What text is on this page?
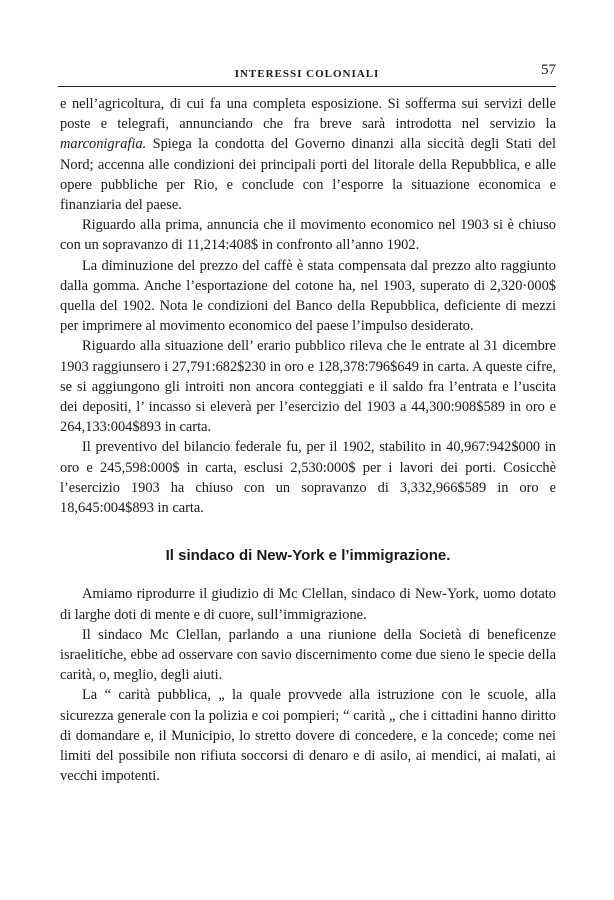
INTERESSI COLONIALI	57

e nell’agricoltura, di cui fa una completa esposizione. Si sofferma sui servizi delle poste e telegrafi, annunciando che fra breve sarà introdotta nel servizio la marconigrafia. Spiega la condotta del Governo dinanzi alla siccità degli Stati del Nord; accenna alle condizioni dei principali porti del litorale della Repubblica, e alle opere pubbliche per Rio, e conclude con l’esporre la situazione economica e finanziaria del paese.

Riguardo alla prima, annuncia che il movimento economico nel 1903 si è chiuso con un sopravanzo di 11,214:408$ in confronto all’anno 1902.

La diminuzione del prezzo del caffè è stata compensata dal prezzo alto raggiunto dalla gomma. Anche l’esportazione del cotone ha, nel 1903, superato di 2,320·000$ quella del 1902. Nota le condizioni del Banco della Repubblica, deficiente di mezzi per imprimere al movimento economico del paese l’impulso desiderato.

Riguardo alla situazione dell’ erario pubblico rileva che le entrate al 31 dicembre 1903 raggiunsero i 27,791:682$230 in oro e 128,378:796$649 in carta. A queste cifre, se si aggiungono gli introiti non ancora conteggiati e il saldo fra l’entrata e l’uscita dei depositi, l’ incasso si eleverà per l’esercizio del 1903 a 44,300:908$589 in oro e 264,133:004$893 in carta.

Il preventivo del bilancio federale fu, per il 1902, stabilito in 40,967:942$000 in oro e 245,598:000$ in carta, esclusi 2,530:000$ per i lavori dei porti. Cosicchè l’esercizio 1903 ha chiuso con un sopravanzo di 3,332,966$589 in oro e 18,645:004$893 in carta.

Il sindaco di New-York e l’immigrazione.

Amiamo riprodurre il giudizio di Mc Clellan, sindaco di New-York, uomo dotato di larghe doti di mente e di cuore, sull’immigrazione.

Il sindaco Mc Clellan, parlando a una riunione della Società di beneficenze israelitiche, ebbe ad osservare con savio discernimento come due sieno le specie della carità, o, meglio, degli aiuti.

La “ carità pubblica, „ la quale provvede alla istruzione con le scuole, alla sicurezza generale con la polizia e coi pompieri; “ carità „ che i cittadini hanno diritto di domandare e, il Municipio, lo stretto dovere di concedere, e la concede; come nei limiti del possibile non rifiuta soccorsi di denaro e di asilo, ai mendici, ai malati, ai vecchi impotenti.
